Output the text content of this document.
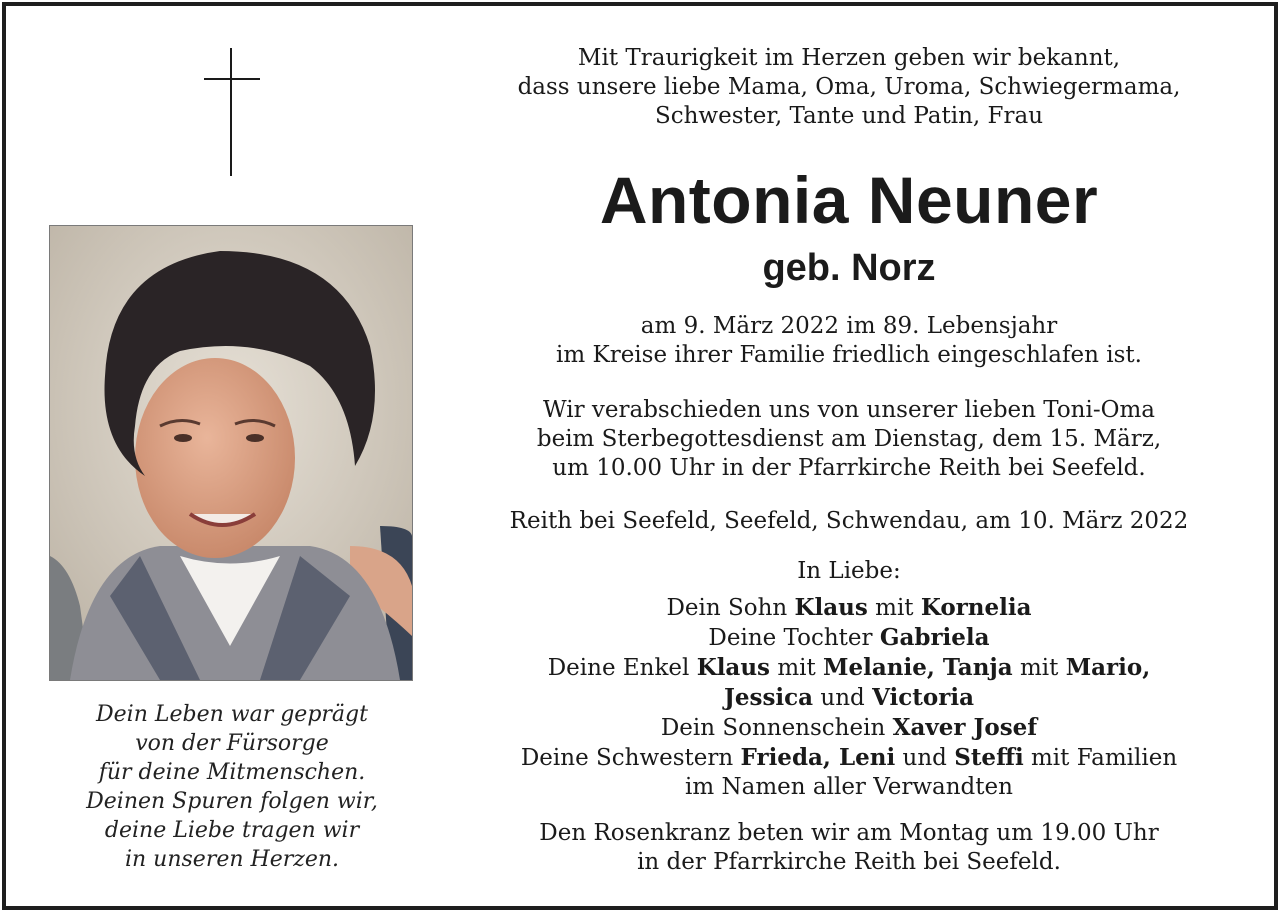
Dein Leben war geprägt
von der Fürsorge
für deine Mitmenschen.
Deinen Spuren folgen wir,
deine Liebe tragen wir
in unseren Herzen.
Mit Traurigkeit im Herzen geben wir bekannt,
dass unsere liebe Mama, Oma, Uroma, Schwiegermama,
Schwester, Tante und Patin, Frau
Antonia Neuner
geb. Norz
am 9. März 2022 im 89. Lebensjahr
im Kreise ihrer Familie friedlich eingeschlafen ist.
Wir verabschieden uns von unserer lieben Toni-Oma
beim Sterbegottesdienst am Dienstag, dem 15. März,
um 10.00 Uhr in der Pfarrkirche Reith bei Seefeld.
Reith bei Seefeld, Seefeld, Schwendau, am 10. März 2022
In Liebe:
Dein Sohn Klaus mit Kornelia
Deine Tochter Gabriela
Deine Enkel Klaus mit Melanie, Tanja mit Mario,
Jessica und Victoria
Dein Sonnenschein Xaver Josef
Deine Schwestern Frieda, Leni und Steffi mit Familien
im Namen aller Verwandten
Den Rosenkranz beten wir am Montag um 19.00 Uhr
in der Pfarrkirche Reith bei Seefeld.
